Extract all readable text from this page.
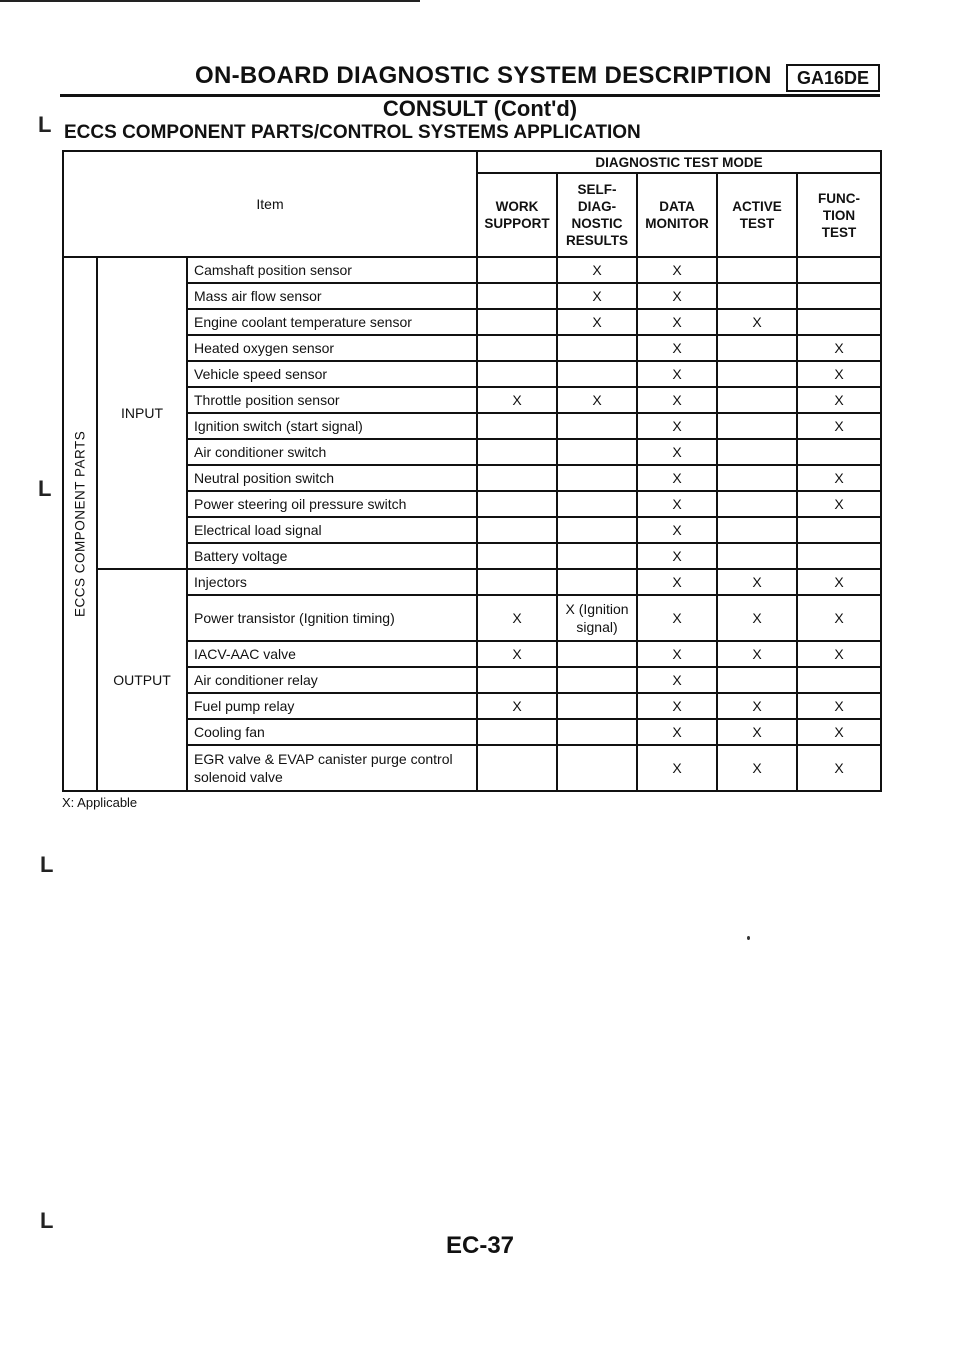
ON-BOARD DIAGNOSTIC SYSTEM DESCRIPTION	GA16DE
CONSULT (Cont'd)
ECCS COMPONENT PARTS/CONTROL SYSTEMS APPLICATION
L
L
L
L
Item			DIAGNOSTIC TEST MODE				
			WORK SUPPORT	SELF-DIAG-NOSTIC RESULTS	DATA MONITOR	ACTIVE TEST	FUNC-TION TEST
ECCS COMPONENT PARTS	INPUT	Camshaft position sensor		X	X		
		Mass air flow sensor		X	X		
		Engine coolant temperature sensor		X	X	X	
		Heated oxygen sensor			X		X
		Vehicle speed sensor			X		X
		Throttle position sensor	X	X	X		X
		Ignition switch (start signal)			X		X
		Air conditioner switch			X		
		Neutral position switch			X		X
		Power steering oil pressure switch			X		X
		Electrical load signal			X		
		Battery voltage			X		
	OUTPUT	Injectors			X	X	X
		Power transistor (Ignition timing)	X	X (Ignition signal)	X	X	X
		IACV-AAC valve	X		X	X	X
		Air conditioner relay			X		
		Fuel pump relay	X		X	X	X
		Cooling fan			X	X	X
		EGR valve & EVAP canister purge control solenoid valve			X	X	X
X: Applicable
EC-37
